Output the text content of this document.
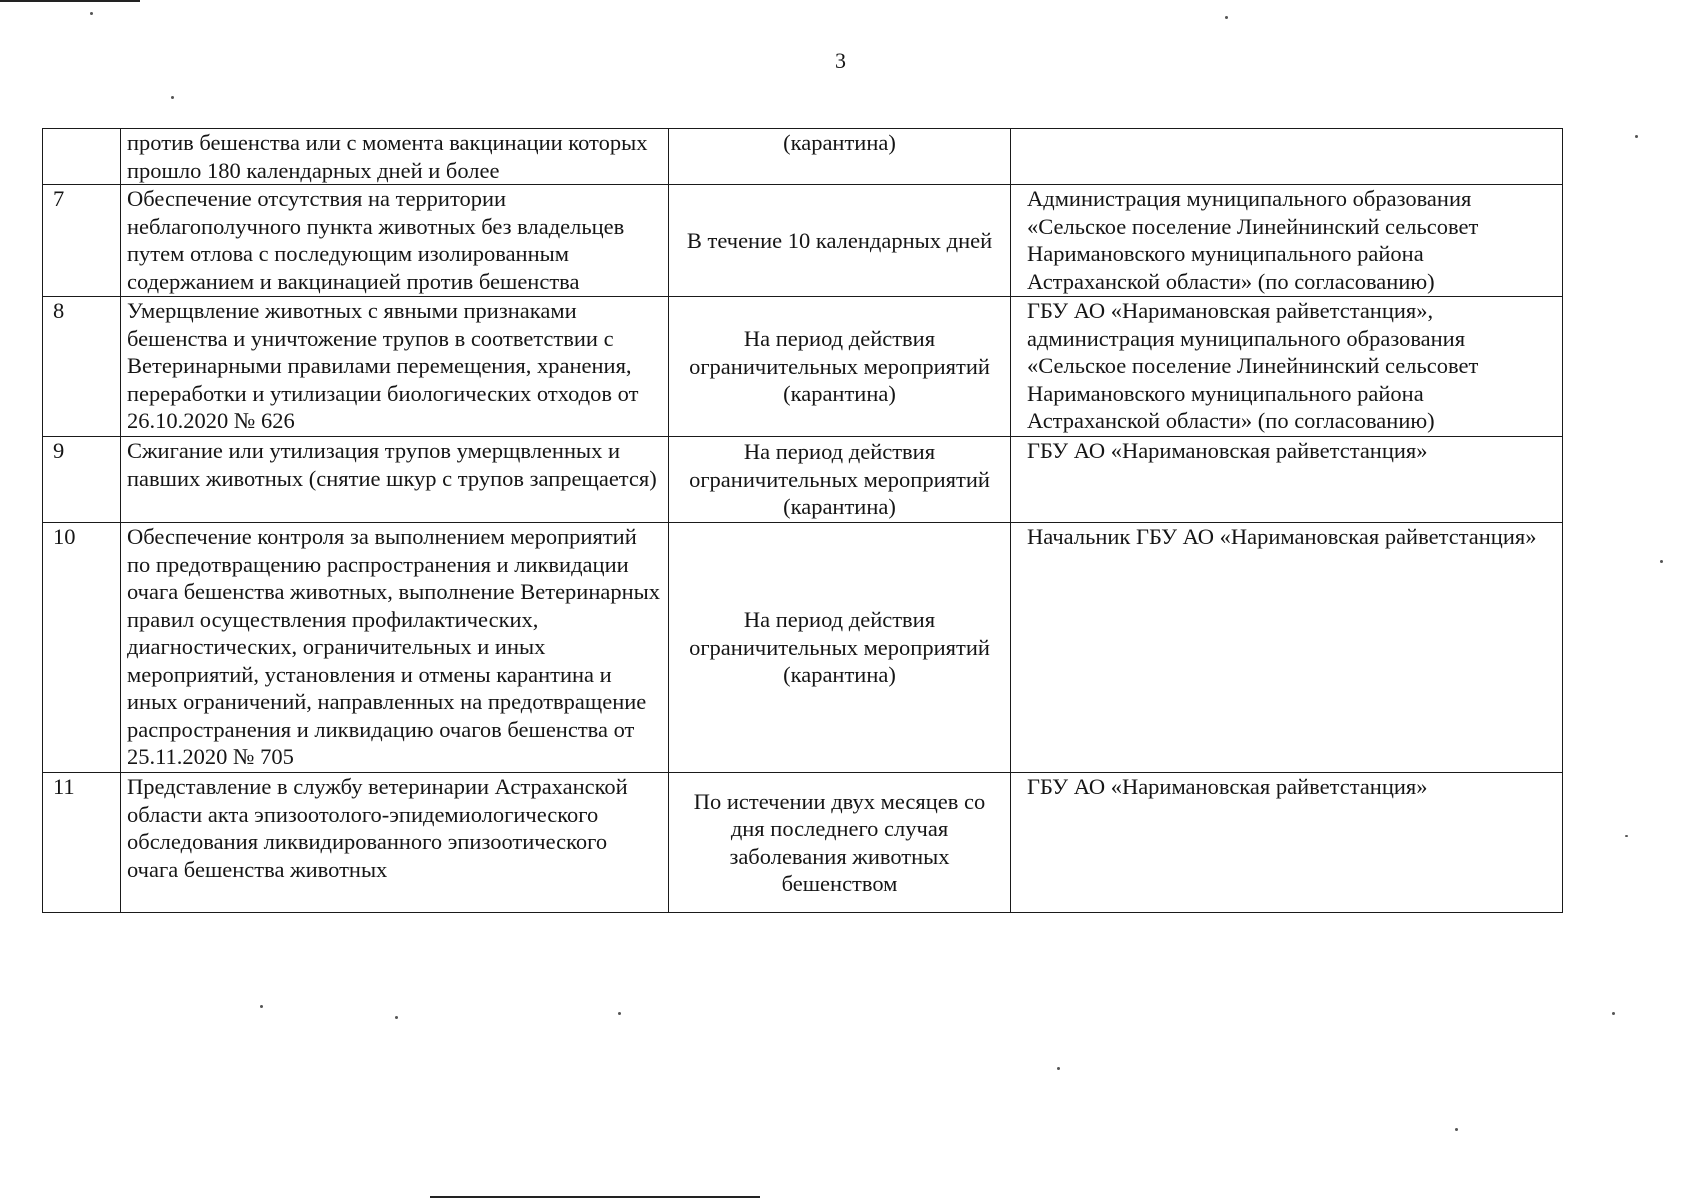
3
	против бешенства или с момента вакцинации которых прошло 180 календарных дней и более	(карантина)	
7	Обеспечение отсутствия на территории неблагополучного пункта животных без владельцев путем отлова с последующим изолированным содержанием и вакцинацией против бешенства	В течение 10 календарных дней	Администрация муниципального образования «Сельское поселение Линейнинский сельсовет Наримановского муниципального района Астраханской области» (по согласованию)
8	Умерщвление животных с явными признаками бешенства и уничтожение трупов в соответствии с Ветеринарными правилами перемещения, хранения, переработки и утилизации биологических отходов от 26.10.2020 № 626	На период действия ограничительных мероприятий (карантина)	ГБУ АО «Наримановская райветстанция», администрация муниципального образования «Сельское поселение Линейнинский сельсовет Наримановского муниципального района Астраханской области» (по согласованию)
9	Сжигание или утилизация трупов умерщвленных и павших животных (снятие шкур с трупов запрещается)	На период действия ограничительных мероприятий (карантина)	ГБУ АО «Наримановская райветстанция»
10	Обеспечение контроля за выполнением мероприятий по предотвращению распространения и ликвидации очага бешенства животных, выполнение Ветеринарных правил осуществления профилактических, диагностических, ограничительных и иных мероприятий, установления и отмены карантина и иных ограничений, направленных на предотвращение распространения и ликвидацию очагов бешенства от 25.11.2020 № 705	На период действия ограничительных мероприятий (карантина)	Начальник ГБУ АО «Наримановская райветстанция»
11	Представление в службу ветеринарии Астраханской области акта эпизоотолого-эпидемиологического обследования ликвидированного эпизоотического очага бешенства животных	По истечении двух месяцев со дня последнего случая заболевания животных бешенством	ГБУ АО «Наримановская райветстанция»
